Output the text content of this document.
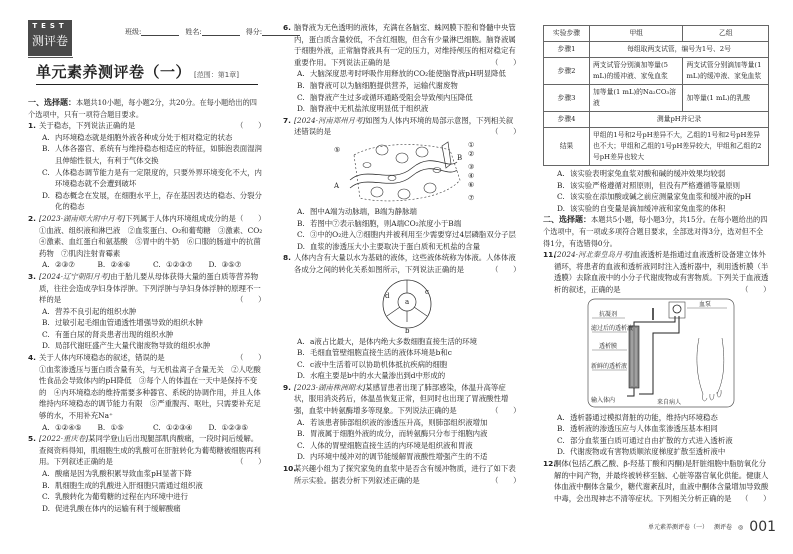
TEST
测评卷
班级:	姓名:	得分:
单元素养测评卷（一） [范围：第1章]
一、选择题：本题共10小题，每小题2分，共20分。在每小题给出的四个选项中，只有一项符合题目要求。
1. 关于稳态，下列说法正确的是	（　　）
A. 内环境稳态就是细胞外液各种成分处于相对稳定的状态
B. 人体各器官、系统有与维持稳态相适应的特征，如肺泡表面湿润且伸缩性很大，有利于气体交换
C. 人体稳态调节能力是有一定限度的，只要外界环境变化不大，内环境稳态就不会遭到破坏
D. 稳态概念在发展，在细胞水平上，存在基因表达的稳态、分裂分化的稳态
2. [2023·湖南师大附中月考]下列属于人体内环境组成成分的是 （　　）
①血液、组织液和淋巴液　②血浆蛋白、O₂和葡萄糖　③激素、CO₂　④激素、血红蛋白和氨基酸　⑤胃中的牛奶　⑥口服的肠道中的抗菌药物　⑦肌肉注射青霉素
A. ②③⑦	B. ②④⑥	C. ①②③⑦	D. ③⑤⑦
3. [2024·辽宁朝阳月考]由于胎儿要从母体获得大量的蛋白质等营养物质，往往会造成孕妇身体浮肿。下列浮肿与孕妇身体浮肿的原理不一样的是	（　　）
A. 营养不良引起的组织水肿
B. 过敏引起毛细血管通透性增强导致的组织水肿
C. 有蛋白尿的肾炎患者出现的组织水肿
D. 局部代谢旺盛产生大量代谢废物导致的组织水肿
4. 关于人体内环境稳态的叙述，错误的是	（　　）
①血浆渗透压与蛋白质含量有关，与无机盐离子含量无关　②人吃酸性食品会导致体内的pH降低　③每个人的体温在一天中是保持不变的　④内环境稳态的维持需要多种器官、系统的协调作用，并且人体维持内环境稳态的调节能力有限　⑤严重腹泻、呕吐，只需要补充足够的水，不用补充Na⁺
A. ①②④⑤	B. ①⑤	C. ①②③④	D. ①②③⑤
5. [2022·重庆卷]某同学登山后出现腿部肌肉酸痛，一段时间后缓解。查阅资料得知，肌细胞生成的乳酸可在肝脏转化为葡萄糖被细胞再利用。下列叙述正确的是	（　　）
A. 酸痛是因为乳酸积累导致血浆pH显著下降
B. 肌细胞生成的乳酸进入肝细胞只需通过组织液
C. 乳酸转化为葡萄糖的过程在内环境中进行
D. 促进乳酸在体内的运输有利于缓解酸痛
6. 脑脊液为无色透明的液体，充满在各脑室、蛛网膜下腔和脊髓中央管内，蛋白质含量较低，不含红细胞，但含有少量淋巴细胞。脑脊液属于细胞外液，正常脑脊液具有一定的压力，对维持颅压的相对稳定有重要作用。下列说法正确的是	（　　）
A. 大脑深度思考时呼吸作用释放的CO₂能使脑脊液pH明显降低
B. 脑脊液可以为脑细胞提供营养，运输代谢废物
C. 脑脊液产生过多或循环通路受阻会导致颅内压降低
D. 脑脊液中无机盐浓度明显低于组织液
7. [2024·河南郑州月考]如图为人体内环境的局部示意图，下列相关叙述错误的是	（　　）
①
②
③
④
⑤
⑥
⑦
A
B
A. 图中A端为动脉端，B端为静脉端
B. 若图中⑦表示脑细胞，则A端CO₂浓度小于B端
C. ③中的O₂进入⑦细胞内并被利用至少需要穿过4层磷脂双分子层
D. 血浆的渗透压大小主要取决于蛋白质和无机盐的含量
8. 人体内含有大量以水为基础的液体，这些液体统称为体液。人体体液各成分之间的转化关系如图所示，下列说法正确的是	（　　）
a
b
c
d
A. a液占比最大，是体内绝大多数细胞直接生活的环境
B. 毛细血管壁细胞直接生活的液体环境是b和c
C. c液中生活着可以协助机体抵抗疾病的细胞
D. 水疱主要是b中的水大量渗出到d中形成的
9. [2023·湖南株洲期末]某感冒患者出现了肺部感染，体温升高等症状，服用消炎药后，体温虽恢复正常，但同时也出现了胃液酸性增强，血浆中转氨酶增多等现象。下列说法正确的是	（　　）
A. 若该患者肺部组织液的渗透压升高，则肺部组织液增加
B. 胃液属于细胞外液的成分，而转氨酶只分布于细胞内液
C. 人体的胃壁细胞直接生活的内环境是组织液和胃液
D. 内环境中缓冲对的调节能缓解胃液酸性增强产生的不适
10.
某兴趣小组为了探究家兔的血浆中是否含有缓冲物质，进行了如下表所示实验。据表分析下列叙述正确的是	（　　）
实验步骤	甲组	乙组
步骤1	每组取两支试管，编号为1号、2号	
步骤2	两支试管分别滴加等量(5 mL)的缓冲液、家兔血浆	两支试管分别滴加等量(1 mL)的缓冲液、家兔血浆
步骤3	加等量(1 mL)的Na₂CO₃溶液	加等量(1 mL)的乳酸
步骤4	测量pH并记录	
结果	甲组的1号和2号pH差异不大，乙组的1号和2号pH差异也不大；甲组和乙组的1号pH差异较大，甲组和乙组的2号pH差异也较大	
A. 该实验表明家兔血浆对酸和碱的缓冲效果均较弱
B. 该实验严格遵循对照原则，但没有严格遵循等量原则
C. 该实验在添加酸或碱之前应测量家兔血浆和缓冲液的pH
D. 该实验的自变量是滴加缓冲液和家兔血浆的体积
二、选择题：本题共5小题，每小题3分，共15分。在每小题给出的四个选项中，有一项或多项符合题目要求，全部选对得3分，选对但不全得1分，有选错得0分。
11.
[2024·河北秦皇岛月考]血液透析是指通过血液透析设备建立体外循环，将患者的血液和透析液同时注入透析器中，利用透析膜（半透膜）去除血液中的小分子代谢废物或有害物质。下列关于血液透析的叙述，正确的是	（　　）
血泵
抗凝剂
滤过后的透析液
透析膜
新鲜的透析液
输入体内	来自病人
A. 透析器通过模拟肾脏的功能，维持内环境稳态
B. 透析液的渗透压应与人体血浆渗透压基本相同
C. 部分血浆蛋白质可通过自由扩散的方式进入透析液
D. 代谢废物或有害物质顺浓度梯度扩散至透析液中
12.
酮体(包括乙酰乙酸、β-羟基丁酸和丙酮)是肝脏细胞中脂肪氧化分解的中间产物，并最终被转移至脑、心脏等器官氧化供能。健康人体血液中酮体含量少，糖代谢紊乱时，血液中酮体含量增加导致酸中毒，会出现神志不清等症状。下列相关分析正确的是 （　　）
单元素养测评卷（一） 测评卷 ◎ 001
